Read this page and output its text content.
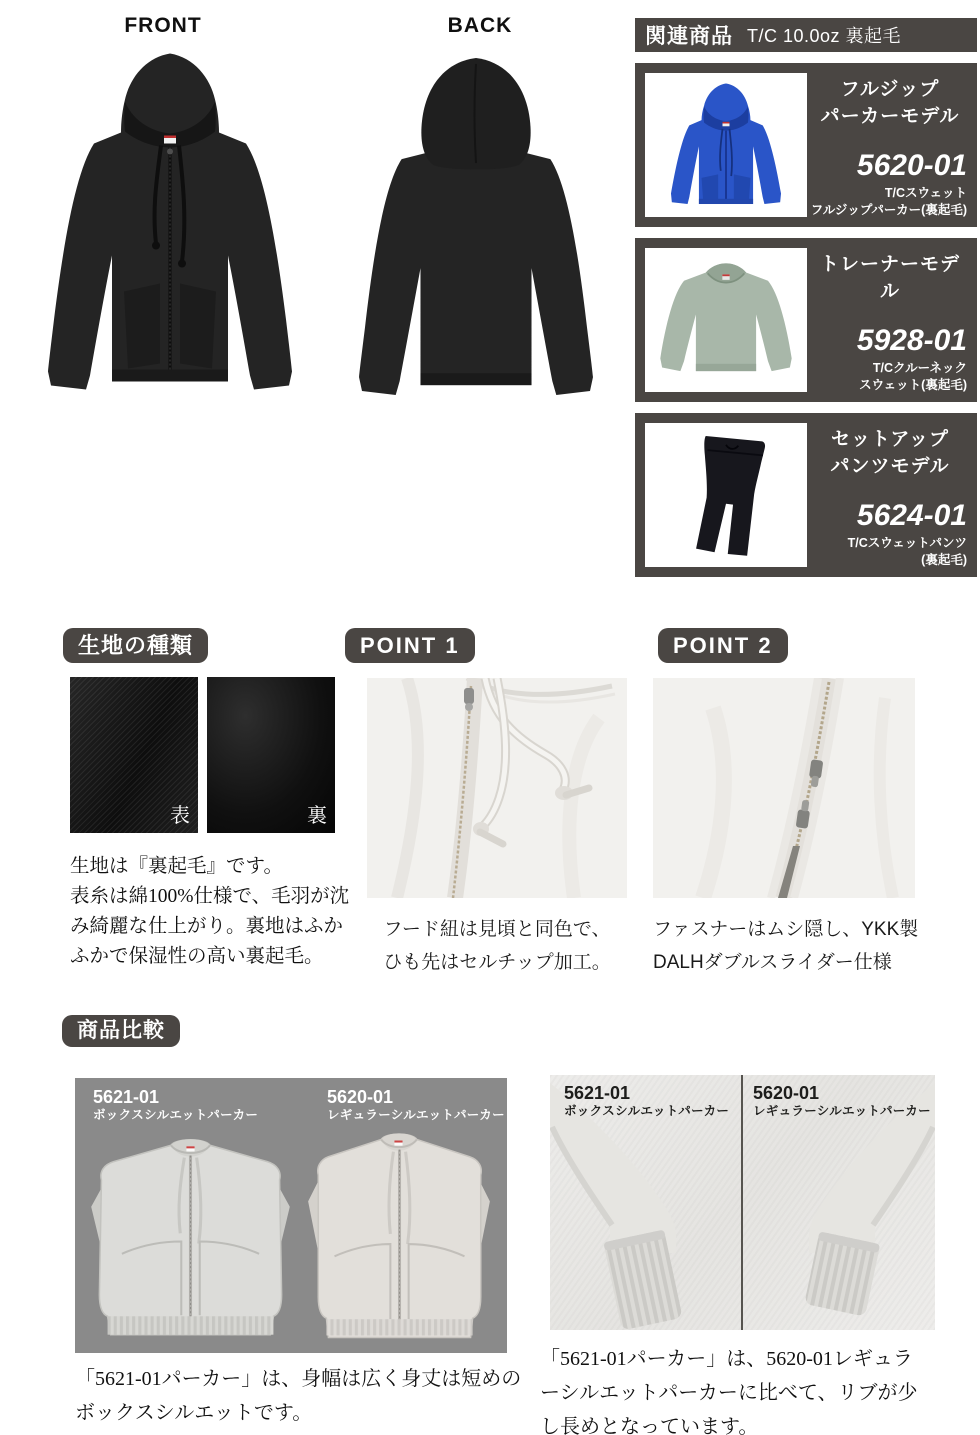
FRONT	BACK	関連商品 T/C 10.0oz 裏起毛
フルジップ
パーカーモデル
5620-01
T/Cスウェット
フルジップパーカー(裏起毛)
トレーナーモデル
5928-01
T/Cクルーネック
スウェット(裏起毛)
セットアップ
パンツモデル
5624-01
T/Cスウェットパンツ
(裏起毛)
生地の種類
表	裏
生地は『裏起毛』です。
表糸は綿100%仕様で、毛羽が沈
み綺麗な仕上がり。裏地はふか
ふかで保湿性の高い裏起毛。
POINT 1
フード紐は見頃と同色で、
ひも先はセルチップ加工。
POINT 2
ファスナーはムシ隠し、YKK製
DALHダブルスライダー仕様
商品比較
5621-01
ボックスシルエットパーカー
5620-01
レギュラーシルエットパーカー
5621-01
ボックスシルエットパーカー
5620-01
レギュラーシルエットパーカー
「5621-01パーカー」は、身幅は広く身丈は短めの
ボックスシルエットです。
「5621-01パーカー」は、5620-01レギュラ
ーシルエットパーカーに比べて、リブが少
し長めとなっています。
